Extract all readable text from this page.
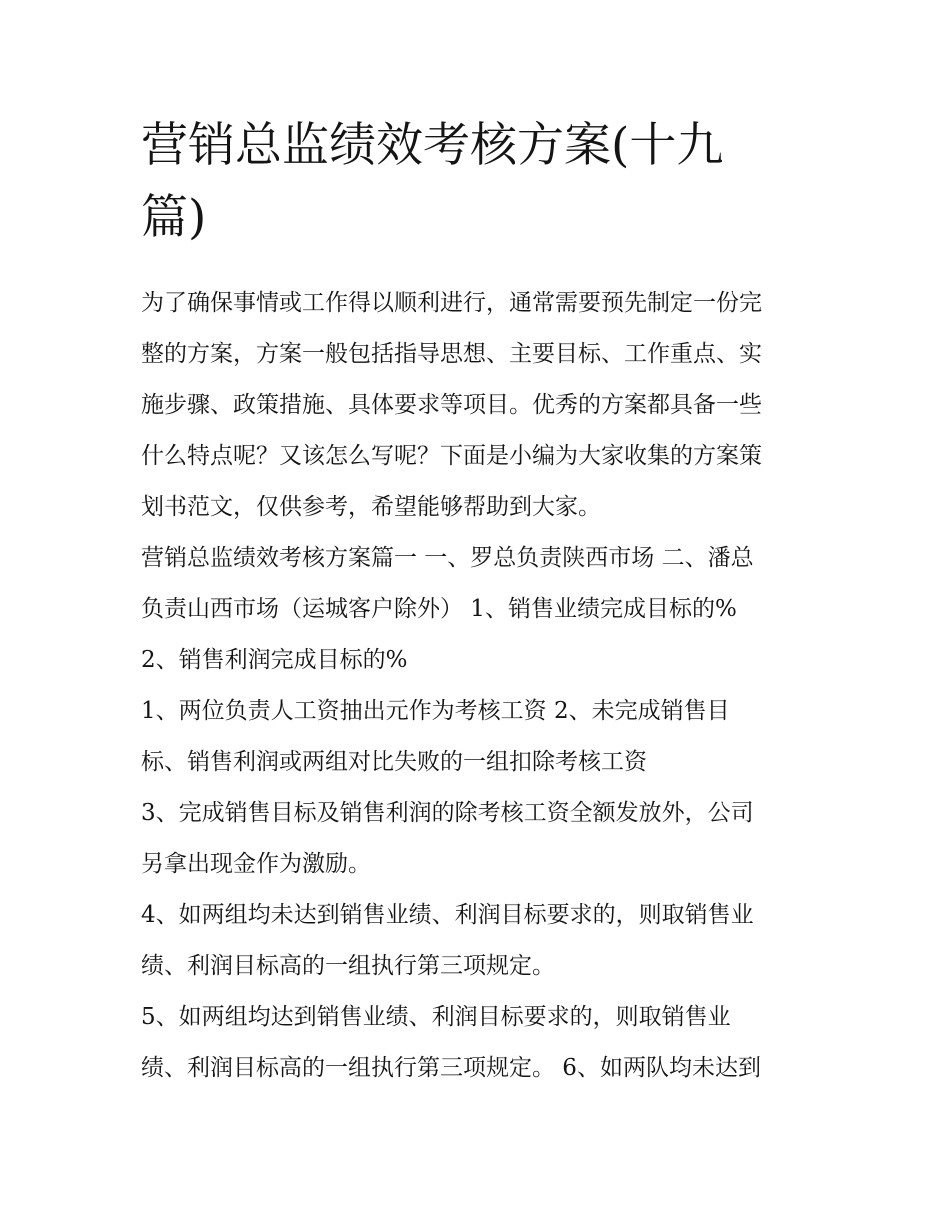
营销总监绩效考核方案(十九
篇)
为了确保事情或工作得以顺利进行，通常需要预先制定一份完
整的方案，方案一般包括指导思想、主要目标、工作重点、实
施步骤、政策措施、具体要求等项目。优秀的方案都具备一些
什么特点呢？又该怎么写呢？下面是小编为大家收集的方案策
划书范文，仅供参考，希望能够帮助到大家。
营销总监绩效考核方案篇一 一、罗总负责陕西市场 二、潘总
负责山西市场（运城客户除外） 1、销售业绩完成目标的%
2、销售利润完成目标的%
1、两位负责人工资抽出元作为考核工资 2、未完成销售目
标、销售利润或两组对比失败的一组扣除考核工资
3、完成销售目标及销售利润的除考核工资全额发放外，公司
另拿出现金作为激励。
4、如两组均未达到销售业绩、利润目标要求的，则取销售业
绩、利润目标高的一组执行第三项规定。
5、如两组均达到销售业绩、利润目标要求的，则取销售业
绩、利润目标高的一组执行第三项规定。 6、如两队均未达到
